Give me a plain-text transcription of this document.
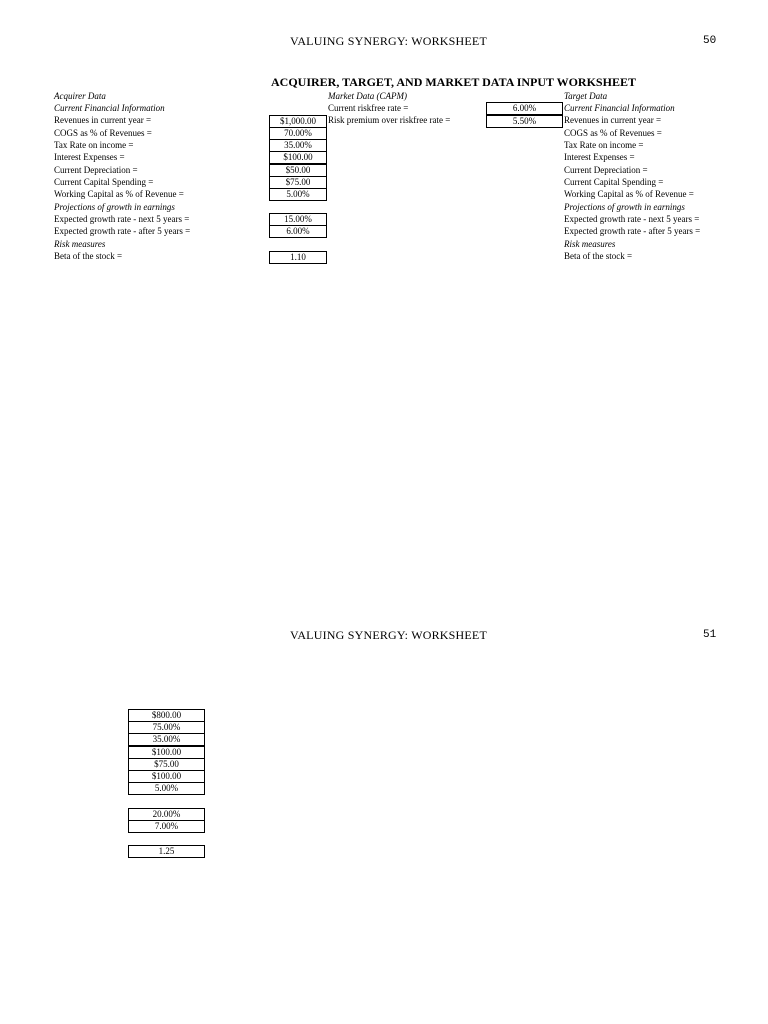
VALUING SYNERGY: WORKSHEET	50
ACQUIRER, TARGET, AND MARKET DATA INPUT WORKSHEET
Acquirer Data
Current Financial Information
Revenues in current year =
COGS as % of Revenues =
Tax Rate on income =
Interest Expenses =
Current Depreciation =
Current Capital Spending =
Working Capital as % of Revenue =
Projections of growth in earnings
Expected growth rate - next 5 years =
Expected growth rate - after 5 years =
Risk measures
Beta of the stock =
$1,000.00
70.00%
35.00%
$100.00
$50.00
$75.00
5.00%
15.00%
6.00%
1.10
Market Data (CAPM)
Current riskfree rate =
Risk premium over riskfree rate =
6.00%
5.50%
Target Data
Current Financial Information
Revenues in current year =
COGS as % of Revenues =
Tax Rate on income =
Interest Expenses =
Current Depreciation =
Current Capital Spending =
Working Capital as % of Revenue =
Projections of growth in earnings
Expected growth rate - next 5 years =
Expected growth rate - after 5 years =
Risk measures
Beta of the stock =
VALUING SYNERGY: WORKSHEET	51
$800.00
75.00%
35.00%
$100.00
$75.00
$100.00
5.00%
20.00%
7.00%
1.25
